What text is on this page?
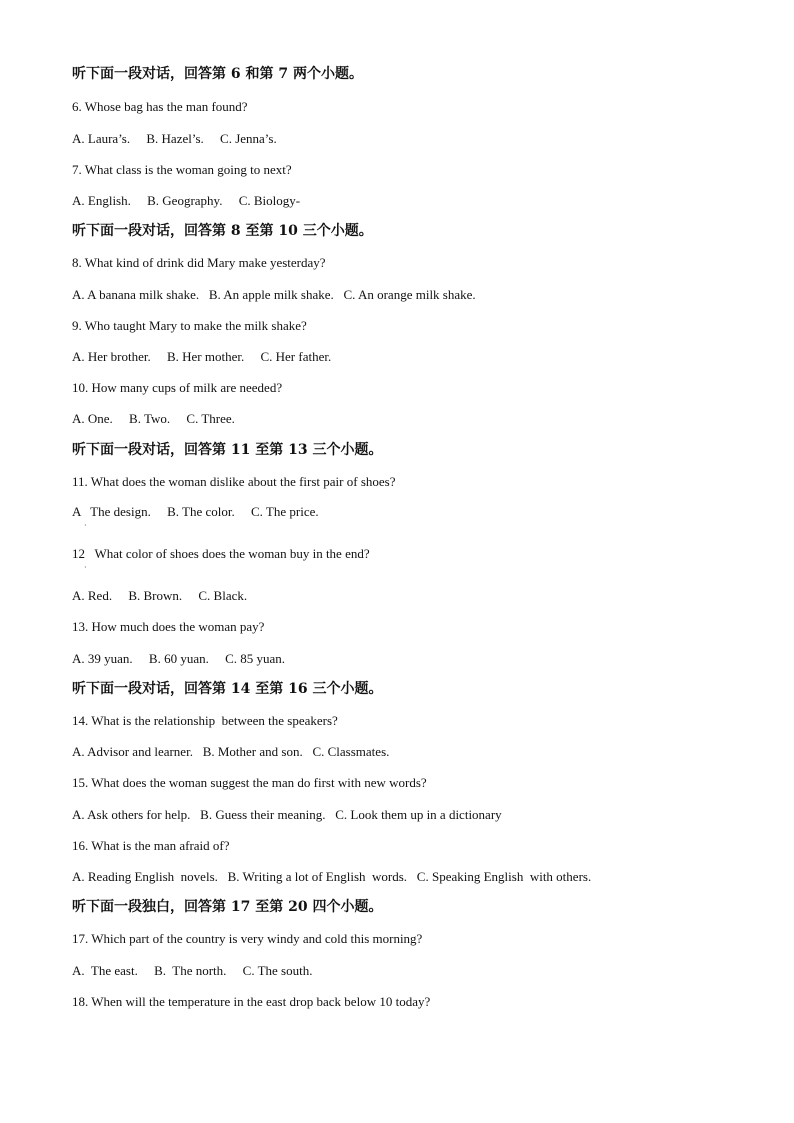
听下面一段对话，回答第 6 和第 7 两个小题。
6. Whose bag has the man found?
A. Laura’s.     B. Hazel’s.     C. Jenna’s.
7. What class is the woman going to next?
A. English.     B. Geography.     C. Biology-
听下面一段对话，回答第 8 至第 10 三个小题。
8. What kind of drink did Mary make yesterday?
A. A banana milk shake.   B. An apple milk shake.   C. An orange milk shake.
9. Who taught Mary to make the milk shake?
A. Her brother.     B. Her mother.     C. Her father.
10. How many cups of milk are needed?
A. One.     B. Two.     C. Three.
听下面一段对话，回答第 11 至第 13 三个小题。
11. What does the woman dislike about the first pair of shoes?
A   The design.     B. The color.     C. The price.
·
12   What color of shoes does the woman buy in the end?
·
A. Red.     B. Brown.     C. Black.
13. How much does the woman pay?
A. 39 yuan.     B. 60 yuan.     C. 85 yuan.
听下面一段对话，回答第 14 至第 16 三个小题。
14. What is the relationship  between the speakers?
A. Advisor and learner.   B. Mother and son.   C. Classmates.
15. What does the woman suggest the man do first with new words?
A. Ask others for help.   B. Guess their meaning.   C. Look them up in a dictionary
16. What is the man afraid of?
A. Reading English  novels.   B. Writing a lot of English  words.   C. Speaking English  with others.
听下面一段独白，回答第 17 至第 20 四个小题。
17. Which part of the country is very windy and cold this morning?
A.  The east.     B.  The north.     C. The south.
18. When will the temperature in the east drop back below 10 today?
